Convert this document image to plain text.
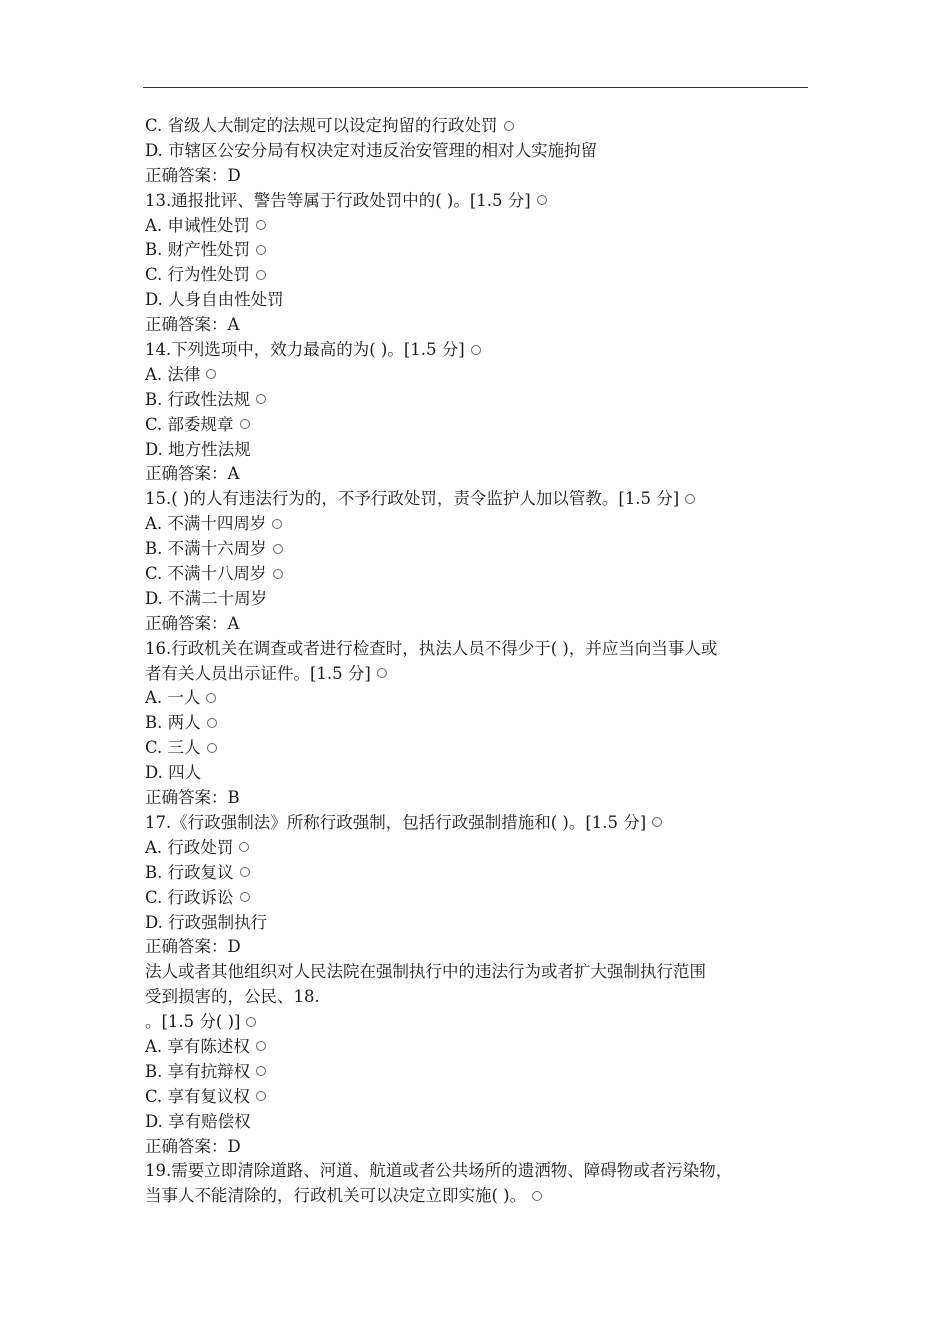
C. 省级人大制定的法规可以设定拘留的行政处罚
D. 市辖区公安分局有权决定对违反治安管理的相对人实施拘留
正确答案：D
13.通报批评、警告等属于行政处罚中的( )。[1.5 分]
A. 申诫性处罚
B. 财产性处罚
C. 行为性处罚
D. 人身自由性处罚
正确答案：A
14.下列选项中，效力最高的为( )。[1.5 分]
A. 法律
B. 行政性法规
C. 部委规章
D. 地方性法规
正确答案：A
15.( )的人有违法行为的，不予行政处罚，责令监护人加以管教。[1.5 分]
A. 不满十四周岁
B. 不满十六周岁
C. 不满十八周岁
D. 不满二十周岁
正确答案：A
16.行政机关在调查或者进行检查时，执法人员不得少于( )，并应当向当事人或
者有关人员出示证件。[1.5 分]
A. 一人
B. 两人
C. 三人
D. 四人
正确答案：B
17.《行政强制法》所称行政强制，包括行政强制措施和( )。[1.5 分]
A. 行政处罚
B. 行政复议
C. 行政诉讼
D. 行政强制执行
正确答案：D
法人或者其他组织对人民法院在强制执行中的违法行为或者扩大强制执行范围
受到损害的，公民、18.
。[1.5 分( )]
A. 享有陈述权
B. 享有抗辩权
C. 享有复议权
D. 享有赔偿权
正确答案：D
19.需要立即清除道路、河道、航道或者公共场所的遗洒物、障碍物或者污染物，
当事人不能清除的，行政机关可以决定立即实施( )。
